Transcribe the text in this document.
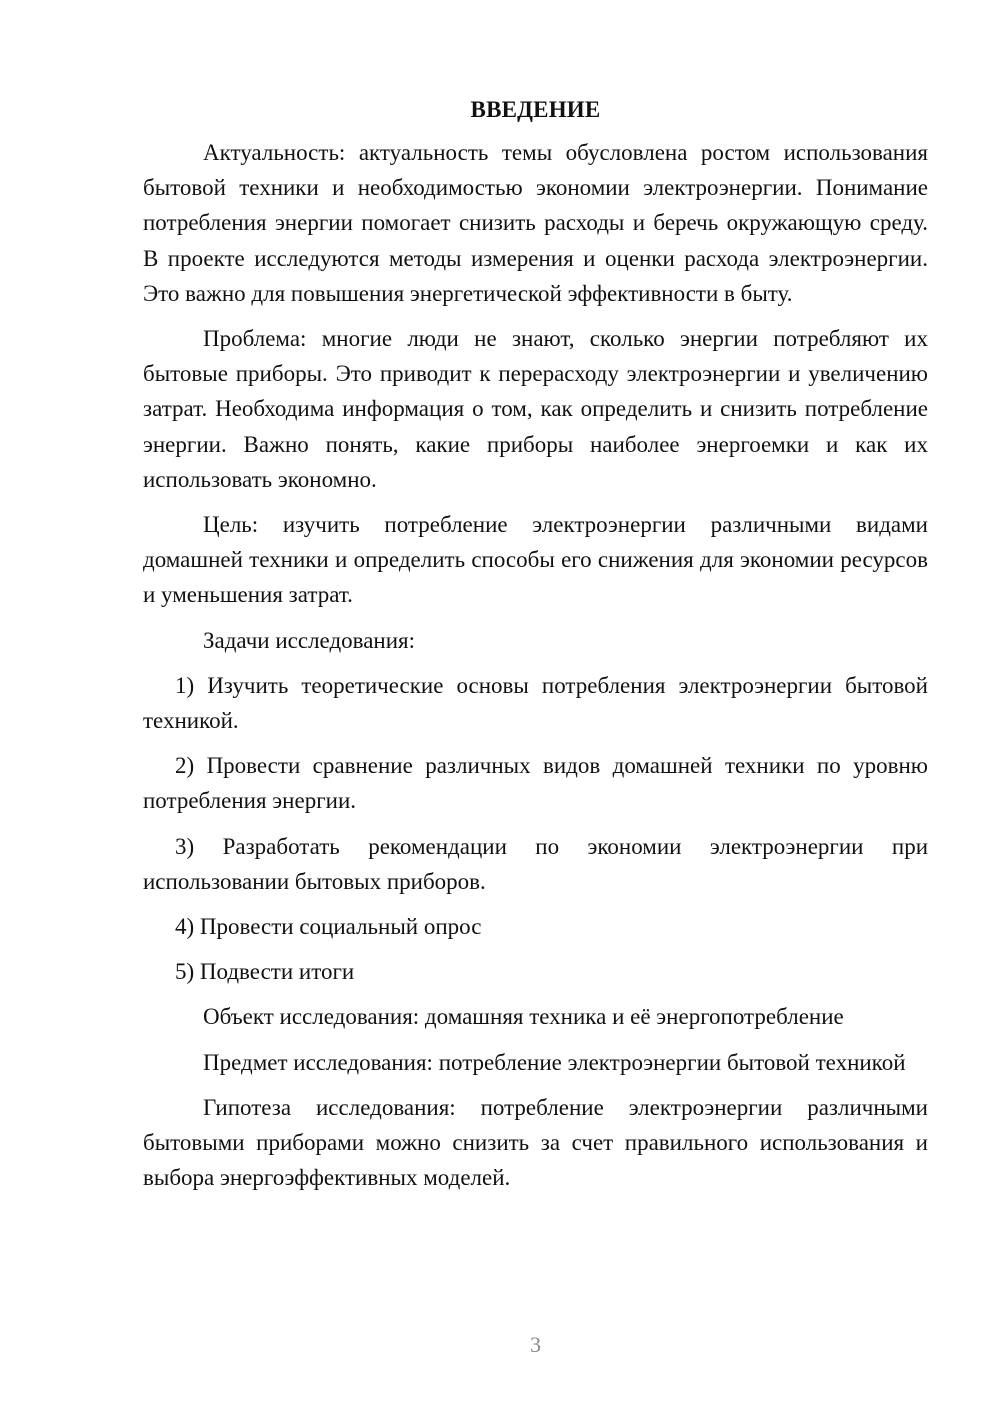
ВВЕДЕНИЕ

Актуальность: актуальность темы обусловлена ростом использования бытовой техники и необходимостью экономии электроэнергии. Понимание потребления энергии помогает снизить расходы и беречь окружающую среду. В проекте исследуются методы измерения и оценки расхода электроэнергии. Это важно для повышения энергетической эффективности в быту.

Проблема: многие люди не знают, сколько энергии потребляют их бытовые приборы. Это приводит к перерасходу электроэнергии и увеличению затрат. Необходима информация о том, как определить и снизить потребление энергии. Важно понять, какие приборы наиболее энергоемки и как их использовать экономно.

Цель: изучить потребление электроэнергии различными видами домашней техники и определить способы его снижения для экономии ресурсов и уменьшения затрат.

Задачи исследования:

1) Изучить теоретические основы потребления электроэнергии бытовой техникой.

2) Провести сравнение различных видов домашней техники по уровню потребления энергии.

3) Разработать рекомендации по экономии электроэнергии при использовании бытовых приборов.

4) Провести социальный опрос

5) Подвести итоги

Объект исследования: домашняя техника и её энергопотребление

Предмет исследования: потребление электроэнергии бытовой техникой

Гипотеза исследования: потребление электроэнергии различными бытовыми приборами можно снизить за счет правильного использования и выбора энергоэффективных моделей.

3
